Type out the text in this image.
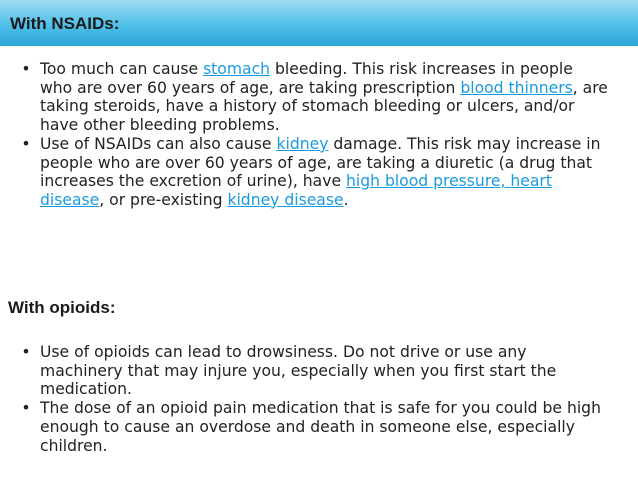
With NSAIDs:
• Too much can cause stomach bleeding. This risk increases in people who are over 60 years of age, are taking prescription blood thinners, are taking steroids, have a history of stomach bleeding or ulcers, and/or have other bleeding problems.
• Use of NSAIDs can also cause kidney damage. This risk may increase in people who are over 60 years of age, are taking a diuretic (a drug that increases the excretion of urine), have high blood pressure, heart disease, or pre-existing kidney disease.
With opioids:
• Use of opioids can lead to drowsiness. Do not drive or use any machinery that may injure you, especially when you first start the medication.
• The dose of an opioid pain medication that is safe for you could be high enough to cause an overdose and death in someone else, especially children.
